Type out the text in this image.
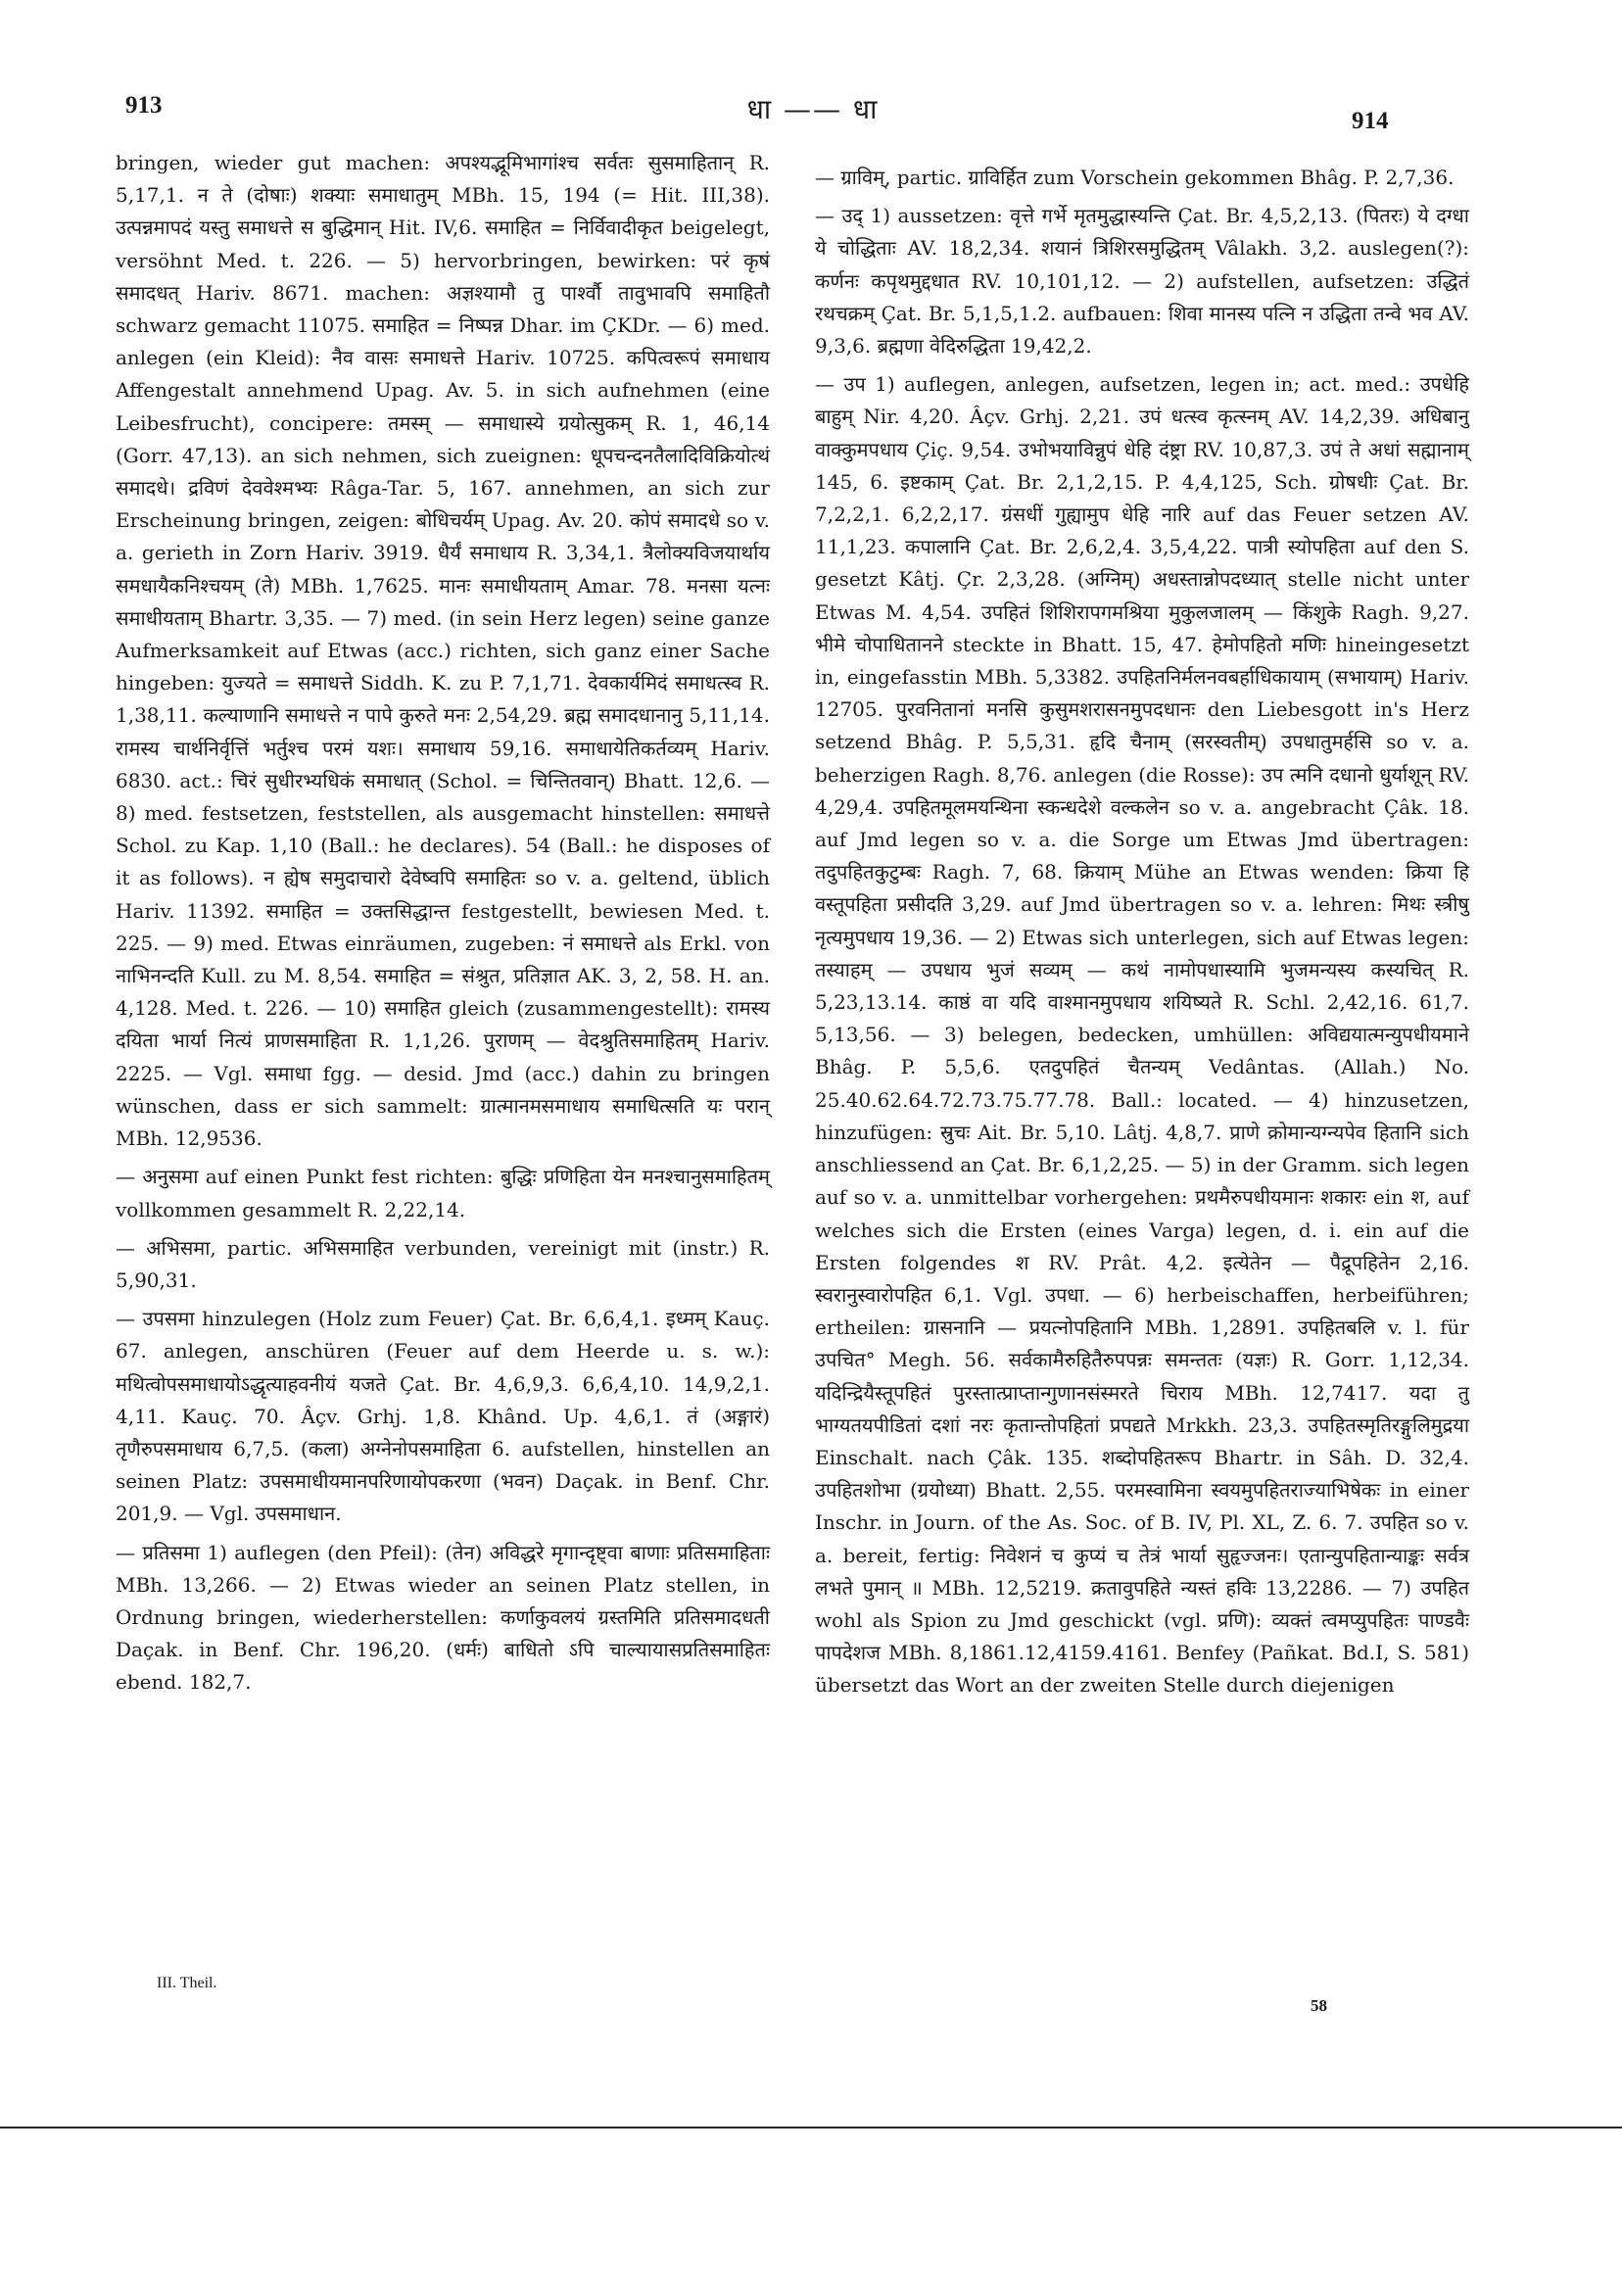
913	धा —— धा	914

bringen, wieder gut machen: अपश्यद्भूमिभागांश्च सर्वतः सुसमाहितान् R. 5,17,1. न ते (दोषाः) शक्याः समाधातुम् MBh. 15, 194 (= Hit. III,38). उत्पन्नमापदं यस्तु समाधत्ते स बुद्धिमान् Hit. IV,6. समाहित = निर्विवादीकृत beigelegt, versöhnt Med. t. 226. — 5) hervorbringen, bewirken: परं कृषं समादधत् Hariv. 8671. machen: अज्ञश्यामौ तु पार्श्वौ तावुभावपि समाहितौ schwarz gemacht 11075. समाहित = निष्पन्न Dhar. im ÇKDr. — 6) med. anlegen (ein Kleid): नैव वासः समाधत्ते Hariv. 10725. कपित्वरूपं समाधाय Affengestalt annehmend Upag. Av. 5. in sich aufnehmen (eine Leibesfrucht), concipere: तमस्म् — समाधास्ये ग्रयोत्सुकम् R. 1, 46,14 (Gorr. 47,13). an sich nehmen, sich zueignen: धूपचन्दनतैलादिविक्रियोत्थं समादधे। द्रविणं देववेश्मभ्यः Râga-Tar. 5, 167. annehmen, an sich zur Erscheinung bringen, zeigen: बोधिचर्यम् Upag. Av. 20. कोपं समादधे so v. a. gerieth in Zorn Hariv. 3919. धैर्यं समाधाय R. 3,34,1. त्रैलोक्यविजयार्थाय समधायैकनिश्चयम् (ते) MBh. 1,7625. मानः समाधीयताम् Amar. 78. मनसा यत्नः समाधीयताम् Bhartr. 3,35. — 7) med. (in sein Herz legen) seine ganze Aufmerksamkeit auf Etwas (acc.) richten, sich ganz einer Sache hingeben: युज्यते = समाधत्ते Siddh. K. zu P. 7,1,71. देवकार्यमिदं समाधत्स्व R. 1,38,11. कल्याणानि समाधत्ते न पापे कुरुते मनः 2,54,29. ब्रह्म समादधानानु 5,11,14. रामस्य चार्थनिर्वृत्तिं भर्तुश्च परमं यशः। समाधाय 59,16. समाधायेतिकर्तव्यम् Hariv. 6830. act.: चिरं सुधीरभ्यधिकं समाधात् (Schol. = चिन्तितवान्) Bhatt. 12,6. — 8) med. festsetzen, feststellen, als ausgemacht hinstellen: समाधत्ते Schol. zu Kap. 1,10 (Ball.: he declares). 54 (Ball.: he disposes of it as follows). न ह्येष समुदाचारो देवेष्वपि समाहितः so v. a. geltend, üblich Hariv. 11392. समाहित = उक्तसिद्धान्त festgestellt, bewiesen Med. t. 225. — 9) med. Etwas einräumen, zugeben: नं समाधत्ते als Erkl. von नाभिनन्दति Kull. zu M. 8,54. समाहित = संश्रुत, प्रतिज्ञात AK. 3, 2, 58. H. an. 4,128. Med. t. 226. — 10) समाहित gleich (zusammengestellt): रामस्य दयिता भार्या नित्यं प्राणसमाहिता R. 1,1,26. पुराणम् — वेदश्रुतिसमाहितम् Hariv. 2225. — Vgl. समाधा fgg. — desid. Jmd (acc.) dahin zu bringen wünschen, dass er sich sammelt: ग्रात्मानमसमाधाय समाधित्सति यः परान् MBh. 12,9536.

— अनुसमा auf einen Punkt fest richten: बुद्धिः प्रणिहिता येन मनश्चानुसमाहितम् vollkommen gesammelt R. 2,22,14.

— अभिसमा, partic. अभिसमाहित verbunden, vereinigt mit (instr.) R. 5,90,31.

— उपसमा hinzulegen (Holz zum Feuer) Çat. Br. 6,6,4,1. इध्मम् Kauç. 67. anlegen, anschüren (Feuer auf dem Heerde u. s. w.): मथित्वोपसमाधायोऽद्धृत्याहवनीयं यजते Çat. Br. 4,6,9,3. 6,6,4,10. 14,9,2,1. 4,11. Kauç. 70. Âçv. Grhj. 1,8. Khând. Up. 4,6,1. तं (अङ्गारं) तृणैरुपसमाधाय 6,7,5. (कला) अग्नेनोपसमाहिता 6. aufstellen, hinstellen an seinen Platz: उपसमाधीयमानपरिणायोपकरणा (भवन) Daçak. in Benf. Chr. 201,9. — Vgl. उपसमाधान.

— प्रतिसमा 1) auflegen (den Pfeil): (तेन) अविद्धरे मृगान्दृष्ट्वा बाणाः प्रतिसमाहिताः MBh. 13,266. — 2) Etwas wieder an seinen Platz stellen, in Ordnung bringen, wiederherstellen: कर्णाकुवलयं ग्रस्तमिति प्रतिसमादधती Daçak. in Benf. Chr. 196,20. (धर्मः) बाधितो ऽपि चाल्यायासप्रतिसमाहितः ebend. 182,7.

— ग्राविम्, partic. ग्राविर्हित zum Vorschein gekommen Bhâg. P. 2,7,36.

— उद् 1) aussetzen: वृत्ते गर्भे मृतमुद्धास्यन्ति Çat. Br. 4,5,2,13. (पितरः) ये दग्धा ये चोद्धिताः AV. 18,2,34. शयानं त्रिशिरसमुद्धितम् Vâlakh. 3,2. auslegen(?): कर्णनः कपृथमुद्दधात RV. 10,101,12. — 2) aufstellen, aufsetzen: उद्धितं रथचक्रम् Çat. Br. 5,1,5,1.2. aufbauen: शिवा मानस्य पत्नि न उद्धिता तन्वे भव AV. 9,3,6. ब्रह्मणा वेदिरुद्धिता 19,42,2.

— उप 1) auflegen, anlegen, aufsetzen, legen in; act. med.: उपधेहि बाहुम् Nir. 4,20. Âçv. Grhj. 2,21. उपं धत्स्व कृत्स्नम् AV. 14,2,39. अधिबानु वाक्कुमपधाय Çiç. 9,54. उभोभयाविन्नुपं धेहि दंष्ट्रा RV. 10,87,3. उपं ते अधां सह्मानाम् 145, 6. इष्टकाम् Çat. Br. 2,1,2,15. P. 4,4,125, Sch. ग्रोषधीः Çat. Br. 7,2,2,1. 6,2,2,17. ग्रंसधीं गुह्यामुप धेहि नारि auf das Feuer setzen AV. 11,1,23. कपालानि Çat. Br. 2,6,2,4. 3,5,4,22. पात्री स्योपहिता auf den S. gesetzt Kâtj. Çr. 2,3,28. (अग्निम्) अधस्तान्नोपदध्यात् stelle nicht unter Etwas M. 4,54. उपहितं शिशिरापगमश्रिया मुकुलजालम् — किंशुके Ragh. 9,27. भीमे चोपाधितानने steckte in Bhatt. 15, 47. हेमोपहितो मणिः hineingesetzt in, eingefasstin MBh. 5,3382. उपहितनिर्मलनवबर्हाधिकायाम् (सभायाम्) Hariv. 12705. पुरवनितानां मनसि कुसुमशरासनमुपदधानः den Liebesgott in's Herz setzend Bhâg. P. 5,5,31. हृदि चैनाम् (सरस्वतीम्) उपधातुमर्हसि so v. a. beherzigen Ragh. 8,76. anlegen (die Rosse): उप त्मनि दधानो धुर्याशून् RV. 4,29,4. उपहितमूलमयन्थिना स्कन्धदेशे वल्कलेन so v. a. angebracht Çâk. 18. auf Jmd legen so v. a. die Sorge um Etwas Jmd übertragen: तदुपहितकुटुम्बः Ragh. 7, 68. क्रियाम् Mühe an Etwas wenden: क्रिया हि वस्तूपहिता प्रसीदति 3,29. auf Jmd übertragen so v. a. lehren: मिथः स्त्रीषु नृत्यमुपधाय 19,36. — 2) Etwas sich unterlegen, sich auf Etwas legen: तस्याहम् — उपधाय भुजं सव्यम् — कथं नामोपधास्यामि भुजमन्यस्य कस्यचित् R. 5,23,13.14. काष्ठं वा यदि वाश्मानमुपधाय शयिष्यते R. Schl. 2,42,16. 61,7. 5,13,56. — 3) belegen, bedecken, umhüllen: अविद्ययात्मन्युपधीयमाने Bhâg. P. 5,5,6. एतदुपहितं चैतन्यम् Vedântas. (Allah.) No. 25.40.62.64.72.73.75.77.78. Ball.: located. — 4) hinzusetzen, hinzufügen: स्रुचः Ait. Br. 5,10. Lâtj. 4,8,7. प्राणे क्रोमान्यग्न्यपेव हितानि sich anschliessend an Çat. Br. 6,1,2,25. — 5) in der Gramm. sich legen auf so v. a. unmittelbar vorhergehen: प्रथमैरुपधीयमानः शकारः ein श, auf welches sich die Ersten (eines Varga) legen, d. i. ein auf die Ersten folgendes श RV. Prât. 4,2. इत्येतेन — पैद्रूपहितेन 2,16. स्वरानुस्वारोपहित 6,1. Vgl. उपधा. — 6) herbeischaffen, herbeiführen; ertheilen: ग्रासनानि — प्रयत्नोपहितानि MBh. 1,2891. उपहितबलि v. l. für उपचित° Megh. 56. सर्वकामैरुहितैरुपपन्नः समन्ततः (यज्ञः) R. Gorr. 1,12,34. यदिन्द्रियैस्तूपहितं पुरस्तात्प्राप्तान्गुणानसंस्मरते चिराय MBh. 12,7417. यदा तु भाग्यतयपीडितां दशां नरः कृतान्तोपहितां प्रपद्यते Mrkkh. 23,3. उपहितस्मृतिरङ्गुलिमुद्रया Einschalt. nach Çâk. 135. शब्दोपहितरूप Bhartr. in Sâh. D. 32,4. उपहितशोभा (ग्रयोध्या) Bhatt. 2,55. परमस्वामिना स्वयमुपहितराज्याभिषेकः in einer Inschr. in Journ. of the As. Soc. of B. IV, Pl. XL, Z. 6. 7. उपहित so v. a. bereit, fertig: निवेशनं च कुप्यं च तेत्रं भार्या सुहृज्जनः। एतान्युपहितान्याङ्कः सर्वत्र लभते पुमान् ॥ MBh. 12,5219. क्रतावुपहिते न्यस्तं हविः 13,2286. — 7) उपहित wohl als Spion zu Jmd geschickt (vgl. प्रणि): व्यक्तं त्वमप्युपहितः पाण्डवैः पापदेशज MBh. 8,1861.12,4159.4161. Benfey (Pañkat. Bd.I, S. 581) übersetzt das Wort an der zweiten Stelle durch diejenigen

III. Theil.
58
